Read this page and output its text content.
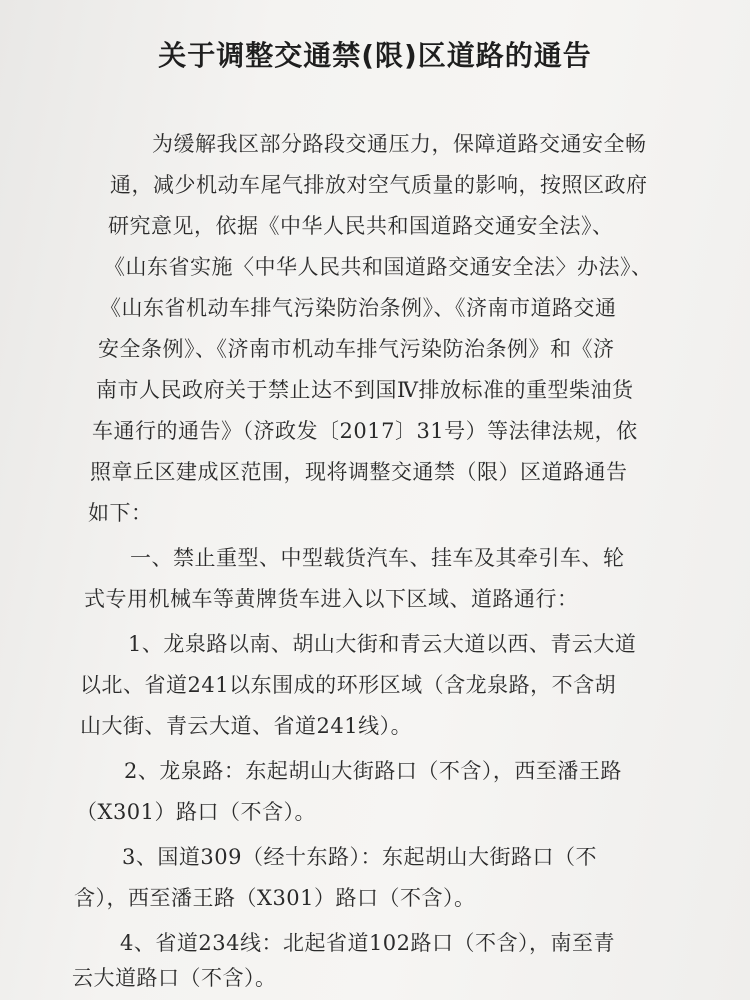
关于调整交通禁(限)区道路的通告
为缓解我区部分路段交通压力，保障道路交通安全畅
通，减少机动车尾气排放对空气质量的影响，按照区政府
研究意见，依据《中华人民共和国道路交通安全法》、
《山东省实施〈中华人民共和国道路交通安全法〉办法》、
《山东省机动车排气污染防治条例》、《济南市道路交通
安全条例》、《济南市机动车排气污染防治条例》和《济
南市人民政府关于禁止达不到国Ⅳ排放标准的重型柴油货
车通行的通告》（济政发〔2017〕31号）等法律法规，依
照章丘区建成区范围，现将调整交通禁（限）区道路通告
如下：
一、禁止重型、中型载货汽车、挂车及其牵引车、轮
式专用机械车等黄牌货车进入以下区域、道路通行：
1、龙泉路以南、胡山大街和青云大道以西、青云大道
以北、省道241以东围成的环形区域（含龙泉路，不含胡
山大街、青云大道、省道241线）。
2、龙泉路：东起胡山大街路口（不含），西至潘王路
（X301）路口（不含）。
3、国道309（经十东路）：东起胡山大街路口（不
含），西至潘王路（X301）路口（不含）。
4、省道234线：北起省道102路口（不含），南至青
云大道路口（不含）。
